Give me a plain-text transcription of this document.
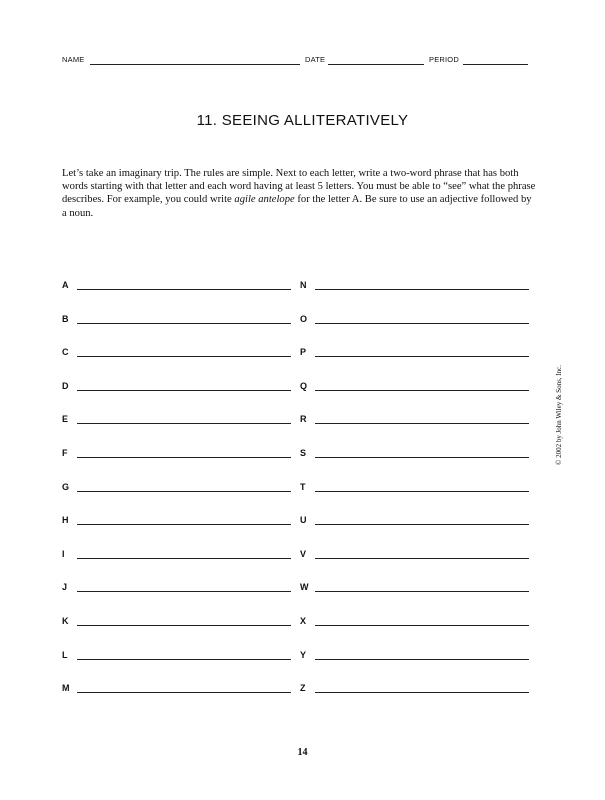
NAME	DATE	PERIOD
11. SEEING ALLITERATIVELY

Let’s take an imaginary trip. The rules are simple. Next to each letter, write a two-word phrase that has both words starting with that letter and each word having at least 5 letters. You must be able to “see” what the phrase describes. For example, you could write agile antelope for the letter A. Be sure to use an adjective followed by a noun.

A
B
C
D
E
F
G
H
I
J
K
L
M
N
O
P
Q
R
S
T
U
V
W
X
Y
Z
© 2002 by John Wiley & Sons, Inc.
14
